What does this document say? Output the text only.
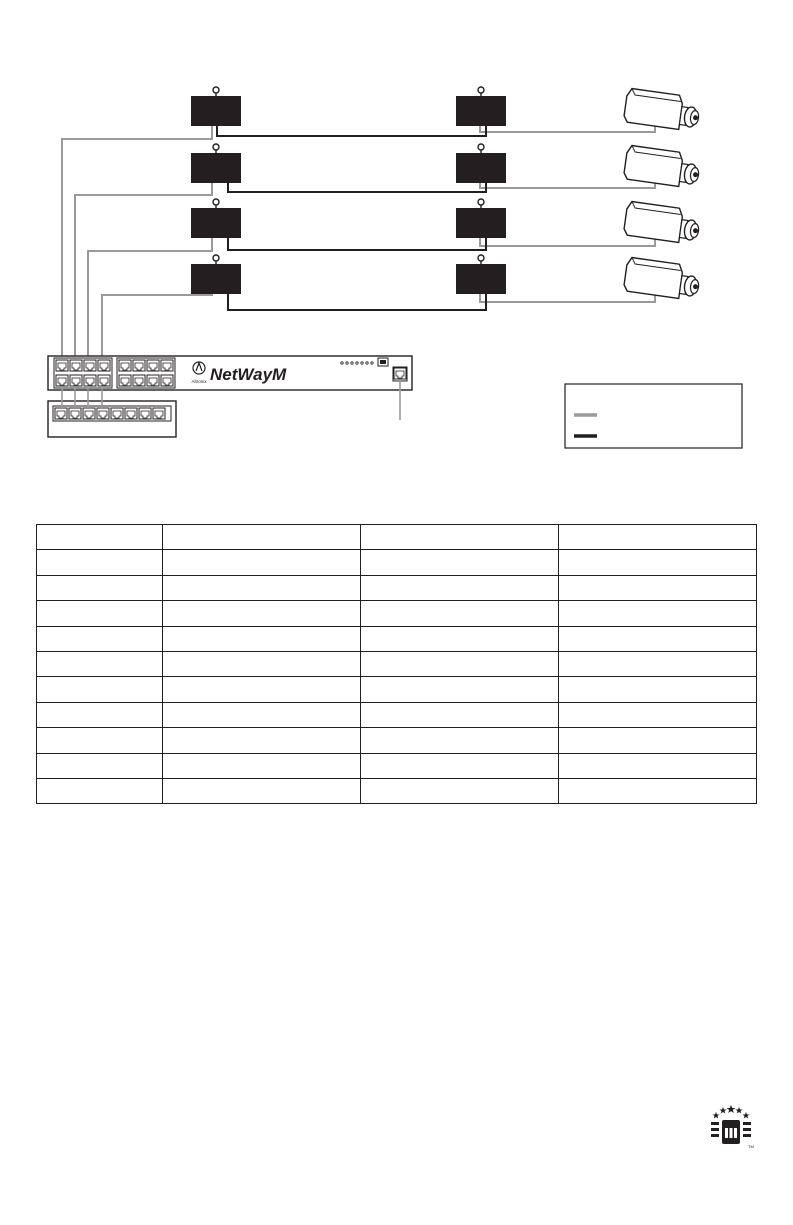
Altronix NetWayM

TM
